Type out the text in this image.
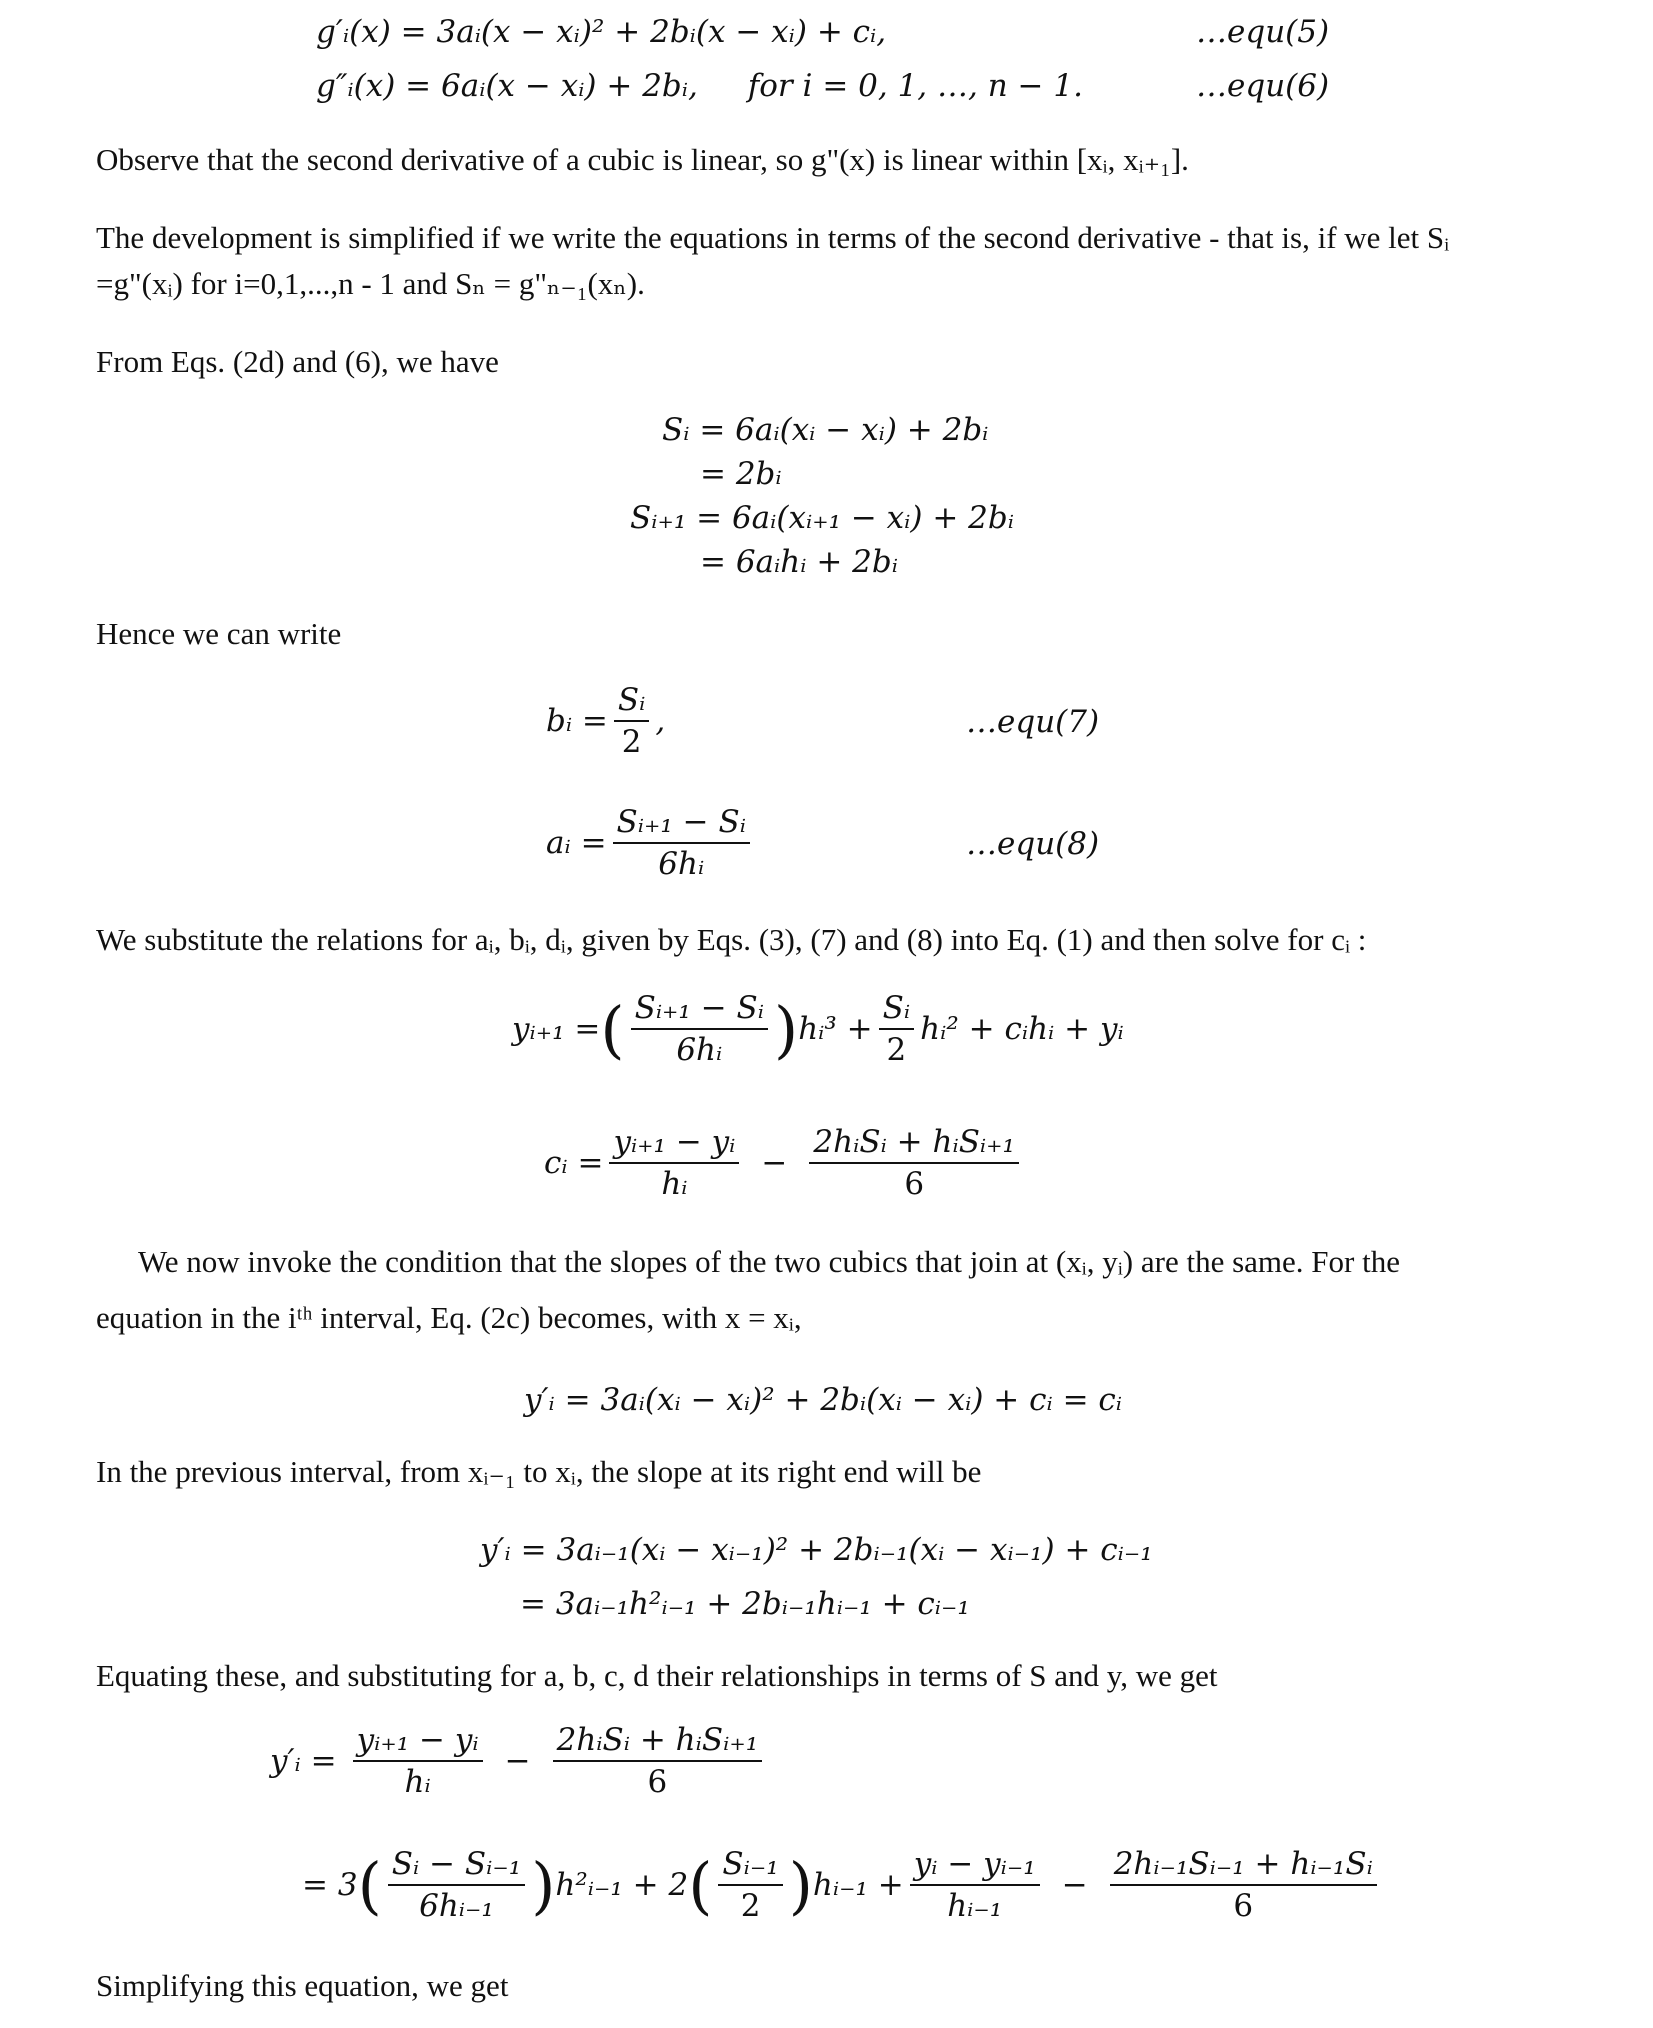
g′ᵢ(x) = 3aᵢ(x − xᵢ)² + 2bᵢ(x − xᵢ) + cᵢ,	…equ(5)
g″ᵢ(x) = 6aᵢ(x − xᵢ) + 2bᵢ, for i = 0, 1, …, n − 1.	…equ(6)
Observe that the second derivative of a cubic is linear, so g"(x) is linear within [xᵢ, xᵢ₊₁].
The development is simplified if we write the equations in terms of the second derivative - that is, if we let Sᵢ
=g"(xᵢ) for i=0,1,...,n - 1 and Sₙ = g"ₙ₋₁(xₙ).
From Eqs. (2d) and (6), we have
Sᵢ = 6aᵢ(xᵢ − xᵢ) + 2bᵢ
= 2bᵢ
Sᵢ₊₁ = 6aᵢ(xᵢ₊₁ − xᵢ) + 2bᵢ
= 6aᵢhᵢ + 2bᵢ
Hence we can write
bᵢ = $\frac{\text{Sᵢ}}{2}$ ,	…equ(7)
aᵢ = $\frac{\text{Sᵢ₊₁ − Sᵢ}}{\text{6hᵢ}}$	…equ(8)
We substitute the relations for aᵢ, bᵢ, dᵢ, given by Eqs. (3), (7) and (8) into Eq. (1) and then solve for cᵢ :
yᵢ₊₁ = ( $\frac{\text{Sᵢ₊₁ − Sᵢ}}{\text{6hᵢ}}$ ) hᵢ³ + $\frac{\text{Sᵢ}}{2}$ hᵢ² + cᵢhᵢ + yᵢ
cᵢ = $\frac{\text{yᵢ₊₁ − yᵢ}}{\text{hᵢ}} - \frac{\text{2hᵢSᵢ + hᵢSᵢ₊₁}}{6}$
We now invoke the condition that the slopes of the two cubics that join at (xᵢ, yᵢ) are the same. For the
equation in the iᵗʰ interval, Eq. (2c) becomes, with x = xᵢ,
y′ᵢ = 3aᵢ(xᵢ − xᵢ)² + 2bᵢ(xᵢ − xᵢ) + cᵢ = cᵢ
In the previous interval, from xᵢ₋₁ to xᵢ, the slope at its right end will be
y′ᵢ = 3aᵢ₋₁(xᵢ − xᵢ₋₁)² + 2bᵢ₋₁(xᵢ − xᵢ₋₁) + cᵢ₋₁
= 3aᵢ₋₁h²ᵢ₋₁ + 2bᵢ₋₁hᵢ₋₁ + cᵢ₋₁
Equating these, and substituting for a, b, c, d their relationships in terms of S and y, we get
y′ᵢ = $\frac{\text{yᵢ₊₁ − yᵢ}}{\text{hᵢ}} - \frac{\text{2hᵢSᵢ + hᵢSᵢ₊₁}}{6}$
= 3 ( $\frac{\text{Sᵢ − Sᵢ₋₁}}{\text{6hᵢ₋₁}}$ ) h²ᵢ₋₁ + 2 ( $\frac{\text{Sᵢ₋₁}}{2}$ ) hᵢ₋₁ + $\frac{\text{yᵢ − yᵢ₋₁}}{\text{hᵢ₋₁}} - \frac{\text{2hᵢ₋₁Sᵢ₋₁ + hᵢ₋₁Sᵢ}}{6}$
Simplifying this equation, we get
